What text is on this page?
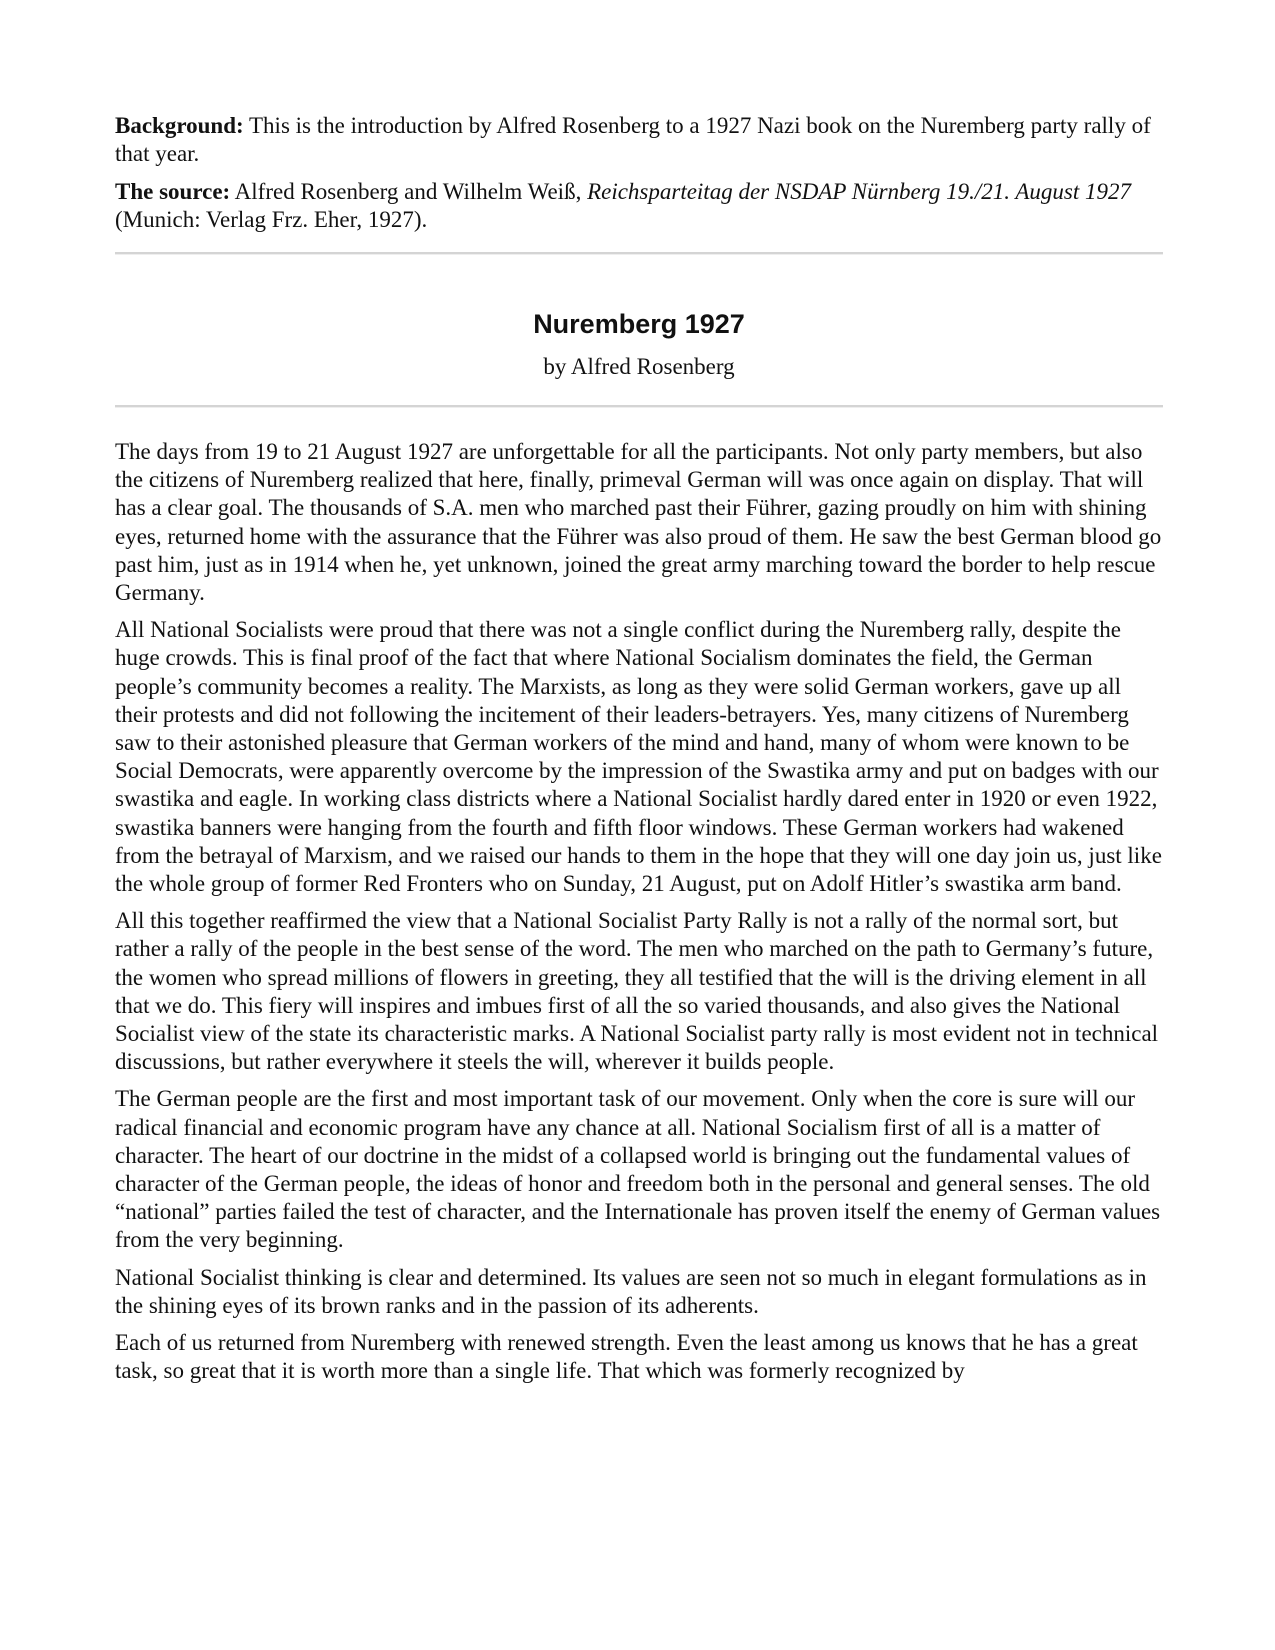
Background: This is the introduction by Alfred Rosenberg to a 1927 Nazi book on the Nuremberg party rally of that year.

The source: Alfred Rosenberg and Wilhelm Weiß, Reichsparteitag der NSDAP Nürnberg 19./21. August 1927 (Munich: Verlag Frz. Eher, 1927).

Nuremberg 1927

by Alfred Rosenberg

The days from 19 to 21 August 1927 are unforgettable for all the participants. Not only party members, but also the citizens of Nuremberg realized that here, finally, primeval German will was once again on display. That will has a clear goal. The thousands of S.A. men who marched past their Führer, gazing proudly on him with shining eyes, returned home with the assurance that the Führer was also proud of them. He saw the best German blood go past him, just as in 1914 when he, yet unknown, joined the great army marching toward the border to help rescue Germany.

All National Socialists were proud that there was not a single conflict during the Nuremberg rally, despite the huge crowds. This is final proof of the fact that where National Socialism dominates the field, the German people’s community becomes a reality. The Marxists, as long as they were solid German workers, gave up all their protests and did not following the incitement of their leaders-betrayers. Yes, many citizens of Nuremberg saw to their astonished pleasure that German workers of the mind and hand, many of whom were known to be Social Democrats, were apparently overcome by the impression of the Swastika army and put on badges with our swastika and eagle. In working class districts where a National Socialist hardly dared enter in 1920 or even 1922, swastika banners were hanging from the fourth and fifth floor windows. These German workers had wakened from the betrayal of Marxism, and we raised our hands to them in the hope that they will one day join us, just like the whole group of former Red Fronters who on Sunday, 21 August, put on Adolf Hitler’s swastika arm band.

All this together reaffirmed the view that a National Socialist Party Rally is not a rally of the normal sort, but rather a rally of the people in the best sense of the word. The men who marched on the path to Germany’s future, the women who spread millions of flowers in greeting, they all testified that the will is the driving element in all that we do. This fiery will inspires and imbues first of all the so varied thousands, and also gives the National Socialist view of the state its characteristic marks. A National Socialist party rally is most evident not in technical discussions, but rather everywhere it steels the will, wherever it builds people.

The German people are the first and most important task of our movement. Only when the core is sure will our radical financial and economic program have any chance at all. National Socialism first of all is a matter of character. The heart of our doctrine in the midst of a collapsed world is bringing out the fundamental values of character of the German people, the ideas of honor and freedom both in the personal and general senses. The old “national” parties failed the test of character, and the Internationale has proven itself the enemy of German values from the very beginning.

National Socialist thinking is clear and determined. Its values are seen not so much in elegant formulations as in the shining eyes of its brown ranks and in the passion of its adherents.

Each of us returned from Nuremberg with renewed strength. Even the least among us knows that he has a great task, so great that it is worth more than a single life. That which was formerly recognized by
